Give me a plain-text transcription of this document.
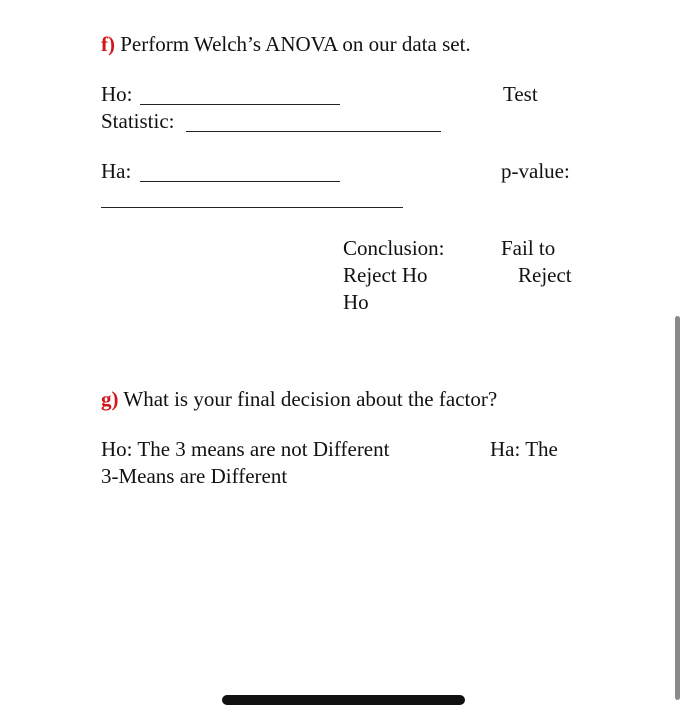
f) Perform Welch’s ANOVA on our data set.
Ho:	Test
Statistic:
Ha:	p-value:
Conclusion:	Fail to
Reject Ho	Reject
Ho
g) What is your final decision about the factor?
Ho: The 3 means are not Different	Ha: The
3-Means are Different
